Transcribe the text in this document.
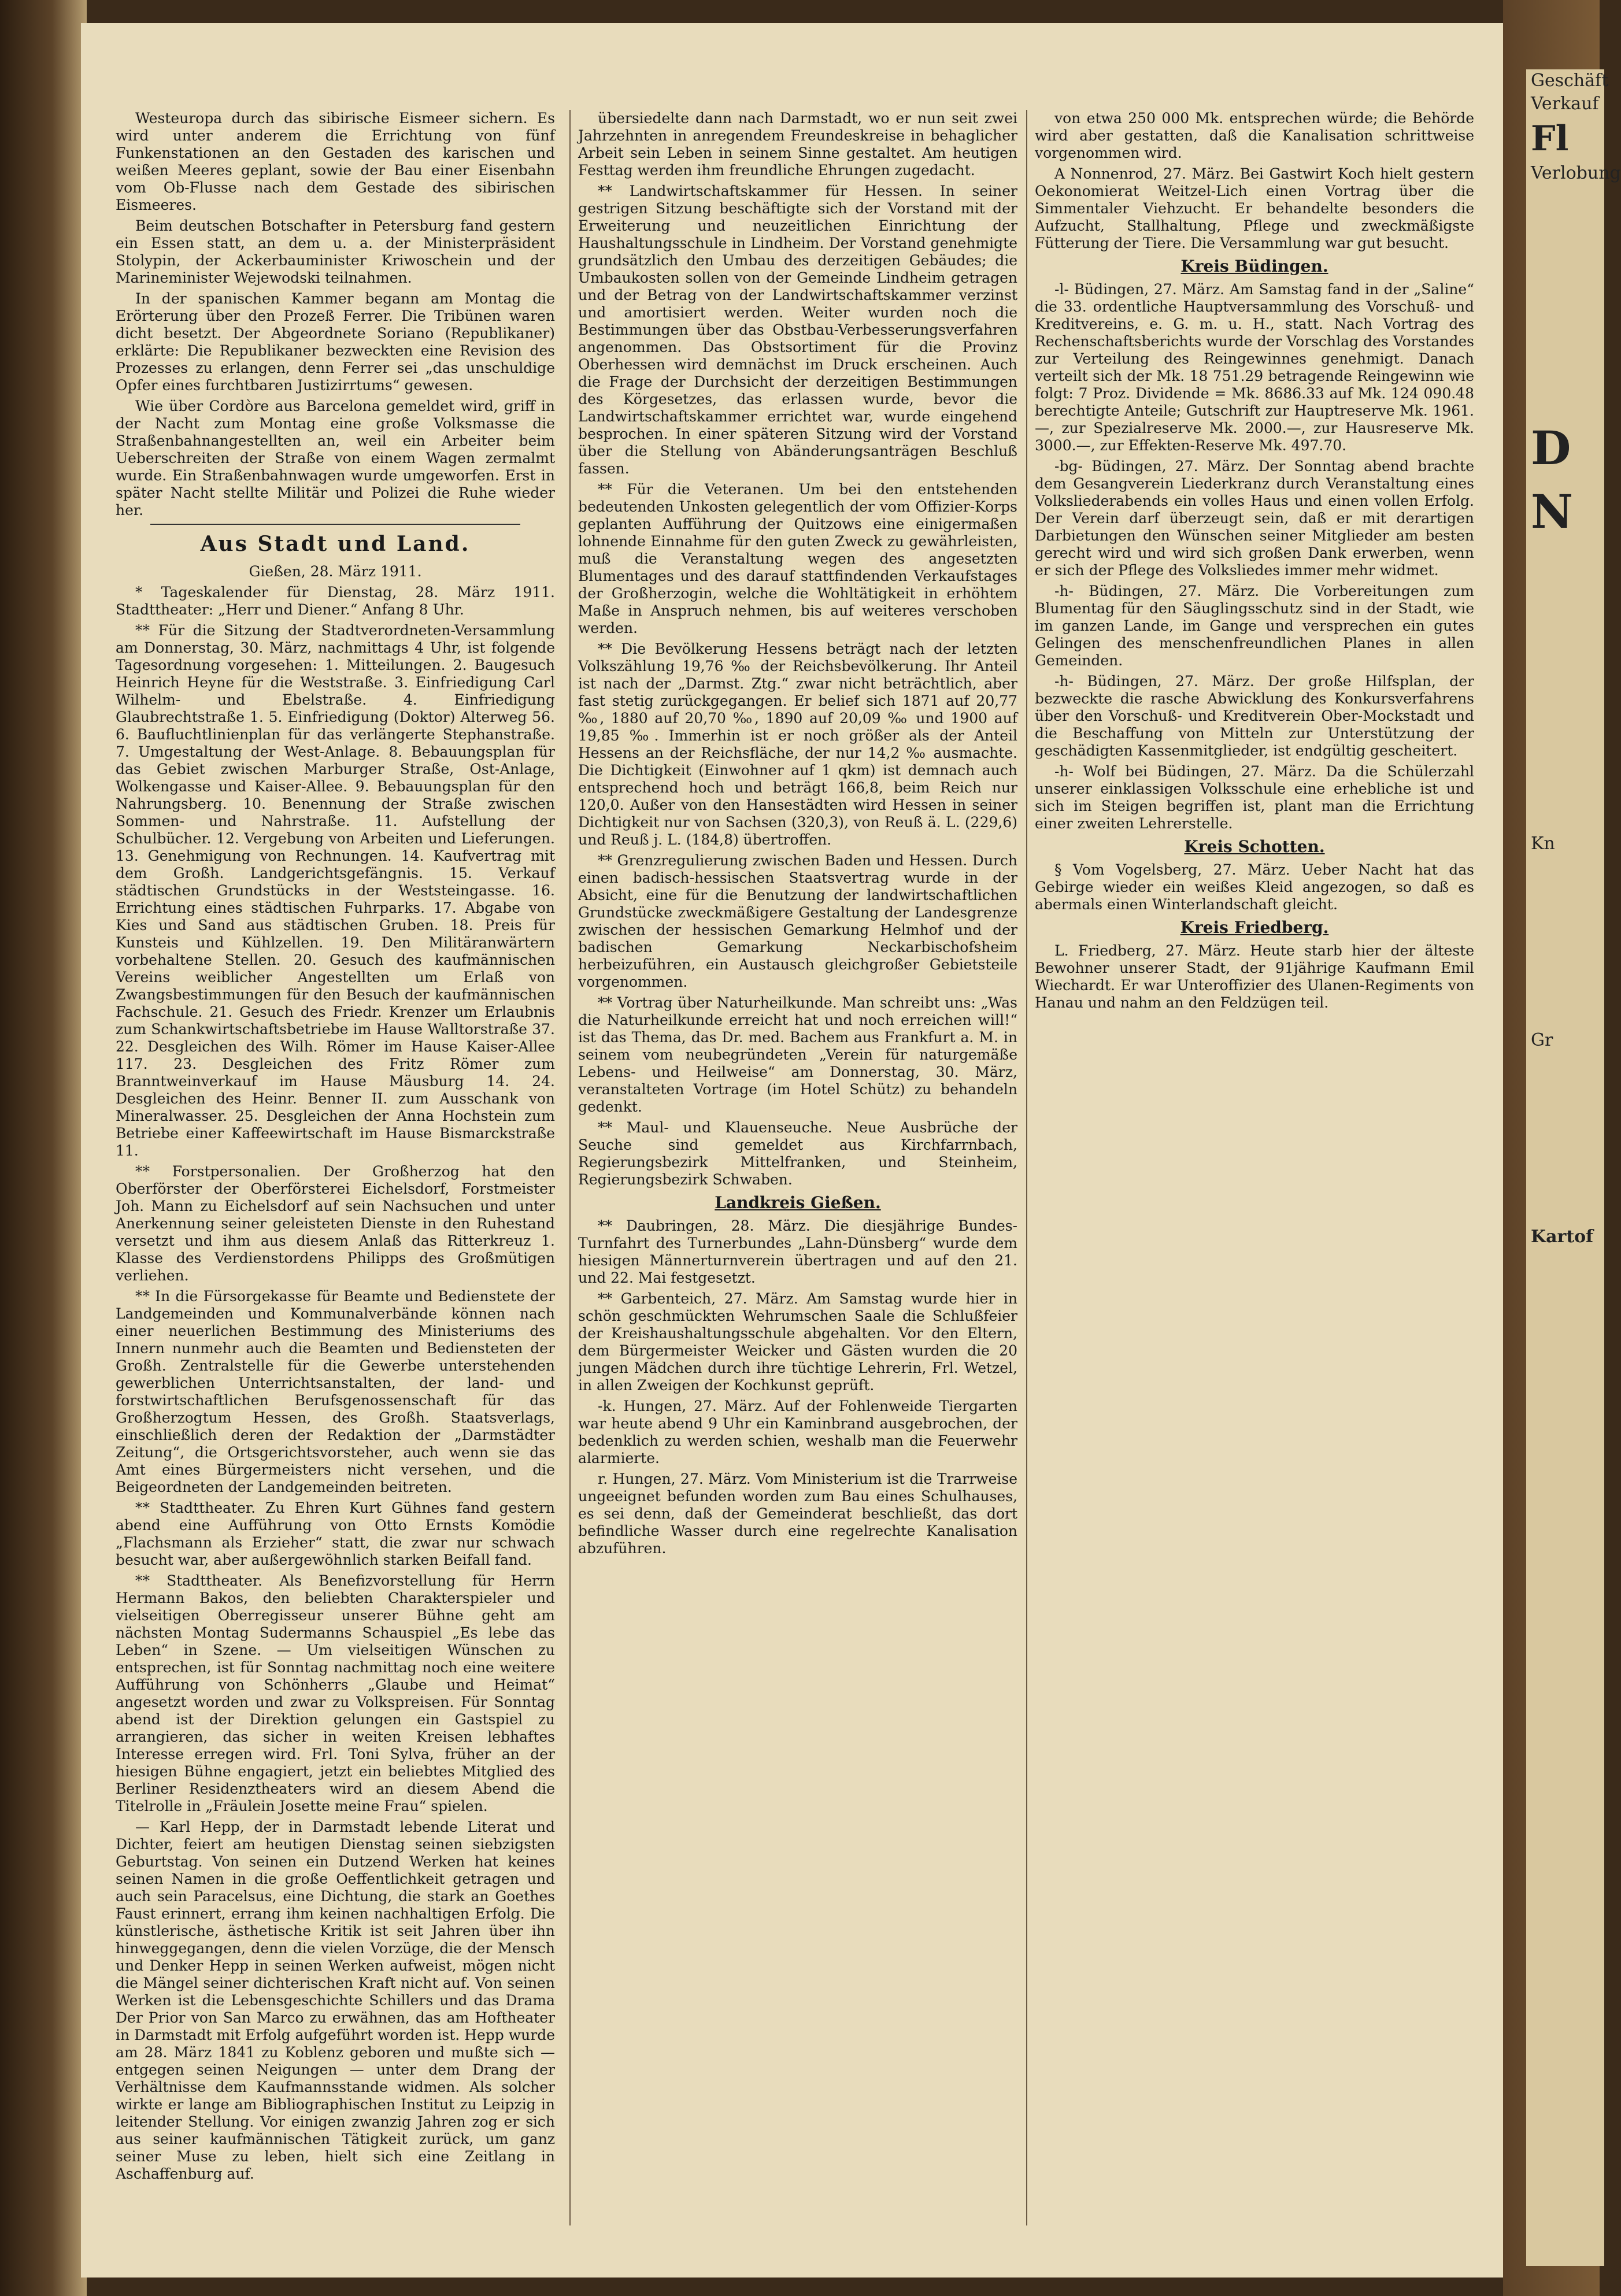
Geschäft
Verkauf
Fl
Verlobung
D
N
Kn
Gr
Kartof

Westeuropa durch das sibirische Eismeer sichern. Es wird unter anderem die Errichtung von fünf Funkenstationen an den Gestaden des karischen und weißen Meeres geplant, sowie der Bau einer Eisenbahn vom Ob-Flusse nach dem Gestade des sibirischen Eismeeres.

Beim deutschen Botschafter in Petersburg fand gestern ein Essen statt, an dem u. a. der Ministerpräsident Stolypin, der Ackerbauminister Kriwoschein und der Marineminister Wejewodski teilnahmen.

In der spanischen Kammer begann am Montag die Erörterung über den Prozeß Ferrer. Die Tribünen waren dicht besetzt. Der Abgeordnete Soriano (Republikaner) erklärte: Die Republikaner bezweckten eine Revision des Prozesses zu erlangen, denn Ferrer sei „das unschuldige Opfer eines furchtbaren Justizirrtums“ gewesen.

Wie über Cordòre aus Barcelona gemeldet wird, griff in der Nacht zum Montag eine große Volksmasse die Straßenbahnangestellten an, weil ein Arbeiter beim Ueberschreiten der Straße von einem Wagen zermalmt wurde. Ein Straßenbahnwagen wurde umgeworfen. Erst in später Nacht stellte Militär und Polizei die Ruhe wieder her.

Aus Stadt und Land.
Gießen, 28. März 1911.

* Tageskalender für Dienstag, 28. März 1911. Stadttheater: „Herr und Diener.“ Anfang 8 Uhr.

** Für die Sitzung der Stadtverordneten-Versammlung am Donnerstag, 30. März, nachmittags 4 Uhr, ist folgende Tagesordnung vorgesehen: 1. Mitteilungen. 2. Baugesuch Heinrich Heyne für die Weststraße. 3. Einfriedigung Carl Wilhelm- und Ebelstraße. 4. Einfriedigung Glaubrechtstraße 1. 5. Einfriedigung (Doktor) Alterweg 56. 6. Baufluchtlinienplan für das verlängerte Stephanstraße. 7. Umgestaltung der West-Anlage. 8. Bebauungsplan für das Gebiet zwischen Marburger Straße, Ost-Anlage, Wolkengasse und Kaiser-Allee. 9. Bebauungsplan für den Nahrungsberg. 10. Benennung der Straße zwischen Sommen- und Nahrstraße. 11. Aufstellung der Schulbücher. 12. Vergebung von Arbeiten und Lieferungen. 13. Genehmigung von Rechnungen. 14. Kaufvertrag mit dem Großh. Landgerichtsgefängnis. 15. Verkauf städtischen Grundstücks in der Weststeingasse. 16. Errichtung eines städtischen Fuhrparks. 17. Abgabe von Kies und Sand aus städtischen Gruben. 18. Preis für Kunsteis und Kühlzellen. 19. Den Militäranwärtern vorbehaltene Stellen. 20. Gesuch des kaufmännischen Vereins weiblicher Angestellten um Erlaß von Zwangsbestimmungen für den Besuch der kaufmännischen Fachschule. 21. Gesuch des Friedr. Krenzer um Erlaubnis zum Schankwirtschaftsbetriebe im Hause Walltorstraße 37. 22. Desgleichen des Wilh. Römer im Hause Kaiser-Allee 117. 23. Desgleichen des Fritz Römer zum Branntweinverkauf im Hause Mäusburg 14. 24. Desgleichen des Heinr. Benner II. zum Ausschank von Mineralwasser. 25. Desgleichen der Anna Hochstein zum Betriebe einer Kaffeewirtschaft im Hause Bismarckstraße 11.

** Forstpersonalien. Der Großherzog hat den Oberförster der Oberförsterei Eichelsdorf, Forstmeister Joh. Mann zu Eichelsdorf auf sein Nachsuchen und unter Anerkennung seiner geleisteten Dienste in den Ruhestand versetzt und ihm aus diesem Anlaß das Ritterkreuz 1. Klasse des Verdienstordens Philipps des Großmütigen verliehen.

** In die Fürsorgekasse für Beamte und Bedienstete der Landgemeinden und Kommunalverbände können nach einer neuerlichen Bestimmung des Ministeriums des Innern nunmehr auch die Beamten und Bediensteten der Großh. Zentralstelle für die Gewerbe unterstehenden gewerblichen Unterrichtsanstalten, der land- und forstwirtschaftlichen Berufsgenossenschaft für das Großherzogtum Hessen, des Großh. Staatsverlags, einschließlich deren der Redaktion der „Darmstädter Zeitung“, die Ortsgerichtsvorsteher, auch wenn sie das Amt eines Bürgermeisters nicht versehen, und die Beigeordneten der Landgemeinden beitreten.

** Stadttheater. Zu Ehren Kurt Gühnes fand gestern abend eine Aufführung von Otto Ernsts Komödie „Flachsmann als Erzieher“ statt, die zwar nur schwach besucht war, aber außergewöhnlich starken Beifall fand.

** Stadttheater. Als Benefizvorstellung für Herrn Hermann Bakos, den beliebten Charakterspieler und vielseitigen Oberregisseur unserer Bühne geht am nächsten Montag Sudermanns Schauspiel „Es lebe das Leben“ in Szene. — Um vielseitigen Wünschen zu entsprechen, ist für Sonntag nachmittag noch eine weitere Aufführung von Schönherrs „Glaube und Heimat“ angesetzt worden und zwar zu Volkspreisen. Für Sonntag abend ist der Direktion gelungen ein Gastspiel zu arrangieren, das sicher in weiten Kreisen lebhaftes Interesse erregen wird. Frl. Toni Sylva, früher an der hiesigen Bühne engagiert, jetzt ein beliebtes Mitglied des Berliner Residenztheaters wird an diesem Abend die Titelrolle in „Fräulein Josette meine Frau“ spielen.

— Karl Hepp, der in Darmstadt lebende Literat und Dichter, feiert am heutigen Dienstag seinen siebzigsten Geburtstag. Von seinen ein Dutzend Werken hat keines seinen Namen in die große Oeffentlichkeit getragen und auch sein Paracelsus, eine Dichtung, die stark an Goethes Faust erinnert, errang ihm keinen nachhaltigen Erfolg. Die künstlerische, ästhetische Kritik ist seit Jahren über ihn hinweggegangen, denn die vielen Vorzüge, die der Mensch und Denker Hepp in seinen Werken aufweist, mögen nicht die Mängel seiner dichterischen Kraft nicht auf. Von seinen Werken ist die Lebensgeschichte Schillers und das Drama Der Prior von San Marco zu erwähnen, das am Hoftheater in Darmstadt mit Erfolg aufgeführt worden ist. Hepp wurde am 28. März 1841 zu Koblenz geboren und mußte sich — entgegen seinen Neigungen — unter dem Drang der Verhältnisse dem Kaufmannsstande widmen. Als solcher wirkte er lange am Bibliographischen Institut zu Leipzig in leitender Stellung. Vor einigen zwanzig Jahren zog er sich aus seiner kaufmännischen Tätigkeit zurück, um ganz seiner Muse zu leben, hielt sich eine Zeitlang in Aschaffenburg auf.

übersiedelte dann nach Darmstadt, wo er nun seit zwei Jahrzehnten in anregendem Freundeskreise in behaglicher Arbeit sein Leben in seinem Sinne gestaltet. Am heutigen Festtag werden ihm freundliche Ehrungen zugedacht.

** Landwirtschaftskammer für Hessen. In seiner gestrigen Sitzung beschäftigte sich der Vorstand mit der Erweiterung und neuzeitlichen Einrichtung der Haushaltungsschule in Lindheim. Der Vorstand genehmigte grundsätzlich den Umbau des derzeitigen Gebäudes; die Umbaukosten sollen von der Gemeinde Lindheim getragen und der Betrag von der Landwirtschaftskammer verzinst und amortisiert werden. Weiter wurden noch die Bestimmungen über das Obstbau-Verbesserungsverfahren angenommen. Das Obstsortiment für die Provinz Oberhessen wird demnächst im Druck erscheinen. Auch die Frage der Durchsicht der derzeitigen Bestimmungen des Körgesetzes, das erlassen wurde, bevor die Landwirtschaftskammer errichtet war, wurde eingehend besprochen. In einer späteren Sitzung wird der Vorstand über die Stellung von Abänderungsanträgen Beschluß fassen.

** Für die Veteranen. Um bei den entstehenden bedeutenden Unkosten gelegentlich der vom Offizier-Korps geplanten Aufführung der Quitzows eine einigermaßen lohnende Einnahme für den guten Zweck zu gewährleisten, muß die Veranstaltung wegen des angesetzten Blumentages und des darauf stattfindenden Verkaufstages der Großherzogin, welche die Wohltätigkeit in erhöhtem Maße in Anspruch nehmen, bis auf weiteres verschoben werden.

** Die Bevölkerung Hessens beträgt nach der letzten Volkszählung 19,76 ‰ der Reichsbevölkerung. Ihr Anteil ist nach der „Darmst. Ztg.“ zwar nicht beträchtlich, aber fast stetig zurückgegangen. Er belief sich 1871 auf 20,77 ‰, 1880 auf 20,70 ‰, 1890 auf 20,09 ‰ und 1900 auf 19,85 ‰. Immerhin ist er noch größer als der Anteil Hessens an der Reichsfläche, der nur 14,2 ‰ ausmachte. Die Dichtigkeit (Einwohner auf 1 qkm) ist demnach auch entsprechend hoch und beträgt 166,8, beim Reich nur 120,0. Außer von den Hansestädten wird Hessen in seiner Dichtigkeit nur von Sachsen (320,3), von Reuß ä. L. (229,6) und Reuß j. L. (184,8) übertroffen.

** Grenzregulierung zwischen Baden und Hessen. Durch einen badisch-hessischen Staatsvertrag wurde in der Absicht, eine für die Benutzung der landwirtschaftlichen Grundstücke zweckmäßigere Gestaltung der Landesgrenze zwischen der hessischen Gemarkung Helmhof und der badischen Gemarkung Neckarbischofsheim herbeizuführen, ein Austausch gleichgroßer Gebietsteile vorgenommen.

** Vortrag über Naturheilkunde. Man schreibt uns: „Was die Naturheilkunde erreicht hat und noch erreichen will!“ ist das Thema, das Dr. med. Bachem aus Frankfurt a. M. in seinem vom neubegründeten „Verein für naturgemäße Lebens- und Heilweise“ am Donnerstag, 30. März, veranstalteten Vortrage (im Hotel Schütz) zu behandeln gedenkt.

** Maul- und Klauenseuche. Neue Ausbrüche der Seuche sind gemeldet aus Kirchfarrnbach, Regierungsbezirk Mittelfranken, und Steinheim, Regierungsbezirk Schwaben.

Landkreis Gießen.

** Daubringen, 28. März. Die diesjährige Bundes-Turnfahrt des Turnerbundes „Lahn-Dünsberg“ wurde dem hiesigen Männerturnverein übertragen und auf den 21. und 22. Mai festgesetzt.

** Garbenteich, 27. März. Am Samstag wurde hier in schön geschmückten Wehrumschen Saale die Schlußfeier der Kreishaushaltungsschule abgehalten. Vor den Eltern, dem Bürgermeister Weicker und Gästen wurden die 20 jungen Mädchen durch ihre tüchtige Lehrerin, Frl. Wetzel, in allen Zweigen der Kochkunst geprüft.

-k. Hungen, 27. März. Auf der Fohlenweide Tiergarten war heute abend 9 Uhr ein Kaminbrand ausgebrochen, der bedenklich zu werden schien, weshalb man die Feuerwehr alarmierte.

r. Hungen, 27. März. Vom Ministerium ist die Trarrweise ungeeignet befunden worden zum Bau eines Schulhauses, es sei denn, daß der Gemeinderat beschließt, das dort befindliche Wasser durch eine regelrechte Kanalisation abzuführen.

von etwa 250 000 Mk. entsprechen würde; die Behörde wird aber gestatten, daß die Kanalisation schrittweise vorgenommen wird.

A Nonnenrod, 27. März. Bei Gastwirt Koch hielt gestern Oekonomierat Weitzel-Lich einen Vortrag über die Simmentaler Viehzucht. Er behandelte besonders die Aufzucht, Stallhaltung, Pflege und zweckmäßigste Fütterung der Tiere. Die Versammlung war gut besucht.

Kreis Büdingen.

-l- Büdingen, 27. März. Am Samstag fand in der „Saline“ die 33. ordentliche Hauptversammlung des Vorschuß- und Kreditvereins, e. G. m. u. H., statt. Nach Vortrag des Rechenschaftsberichts wurde der Vorschlag des Vorstandes zur Verteilung des Reingewinnes genehmigt. Danach verteilt sich der Mk. 18 751.29 betragende Reingewinn wie folgt: 7 Proz. Dividende = Mk. 8686.33 auf Mk. 124 090.48 berechtigte Anteile; Gutschrift zur Hauptreserve Mk. 1961.—, zur Spezialreserve Mk. 2000.—, zur Hausreserve Mk. 3000.—, zur Effekten-Reserve Mk. 497.70.

-bg- Büdingen, 27. März. Der Sonntag abend brachte dem Gesangverein Liederkranz durch Veranstaltung eines Volksliederabends ein volles Haus und einen vollen Erfolg. Der Verein darf überzeugt sein, daß er mit derartigen Darbietungen den Wünschen seiner Mitglieder am besten gerecht wird und wird sich großen Dank erwerben, wenn er sich der Pflege des Volksliedes immer mehr widmet.

-h- Büdingen, 27. März. Die Vorbereitungen zum Blumentag für den Säuglingsschutz sind in der Stadt, wie im ganzen Lande, im Gange und versprechen ein gutes Gelingen des menschenfreundlichen Planes in allen Gemeinden.

-h- Büdingen, 27. März. Der große Hilfsplan, der bezweckte die rasche Abwicklung des Konkursverfahrens über den Vorschuß- und Kreditverein Ober-Mockstadt und die Beschaffung von Mitteln zur Unterstützung der geschädigten Kassenmitglieder, ist endgültig gescheitert.

-h- Wolf bei Büdingen, 27. März. Da die Schülerzahl unserer einklassigen Volksschule eine erhebliche ist und sich im Steigen begriffen ist, plant man die Errichtung einer zweiten Lehrerstelle.

Kreis Schotten.

§ Vom Vogelsberg, 27. März. Ueber Nacht hat das Gebirge wieder ein weißes Kleid angezogen, so daß es abermals einen Winterlandschaft gleicht.

Kreis Friedberg.

L. Friedberg, 27. März. Heute starb hier der älteste Bewohner unserer Stadt, der 91jährige Kaufmann Emil Wiechardt. Er war Unteroffizier des Ulanen-Regiments von Hanau und nahm an den Feldzügen teil.
